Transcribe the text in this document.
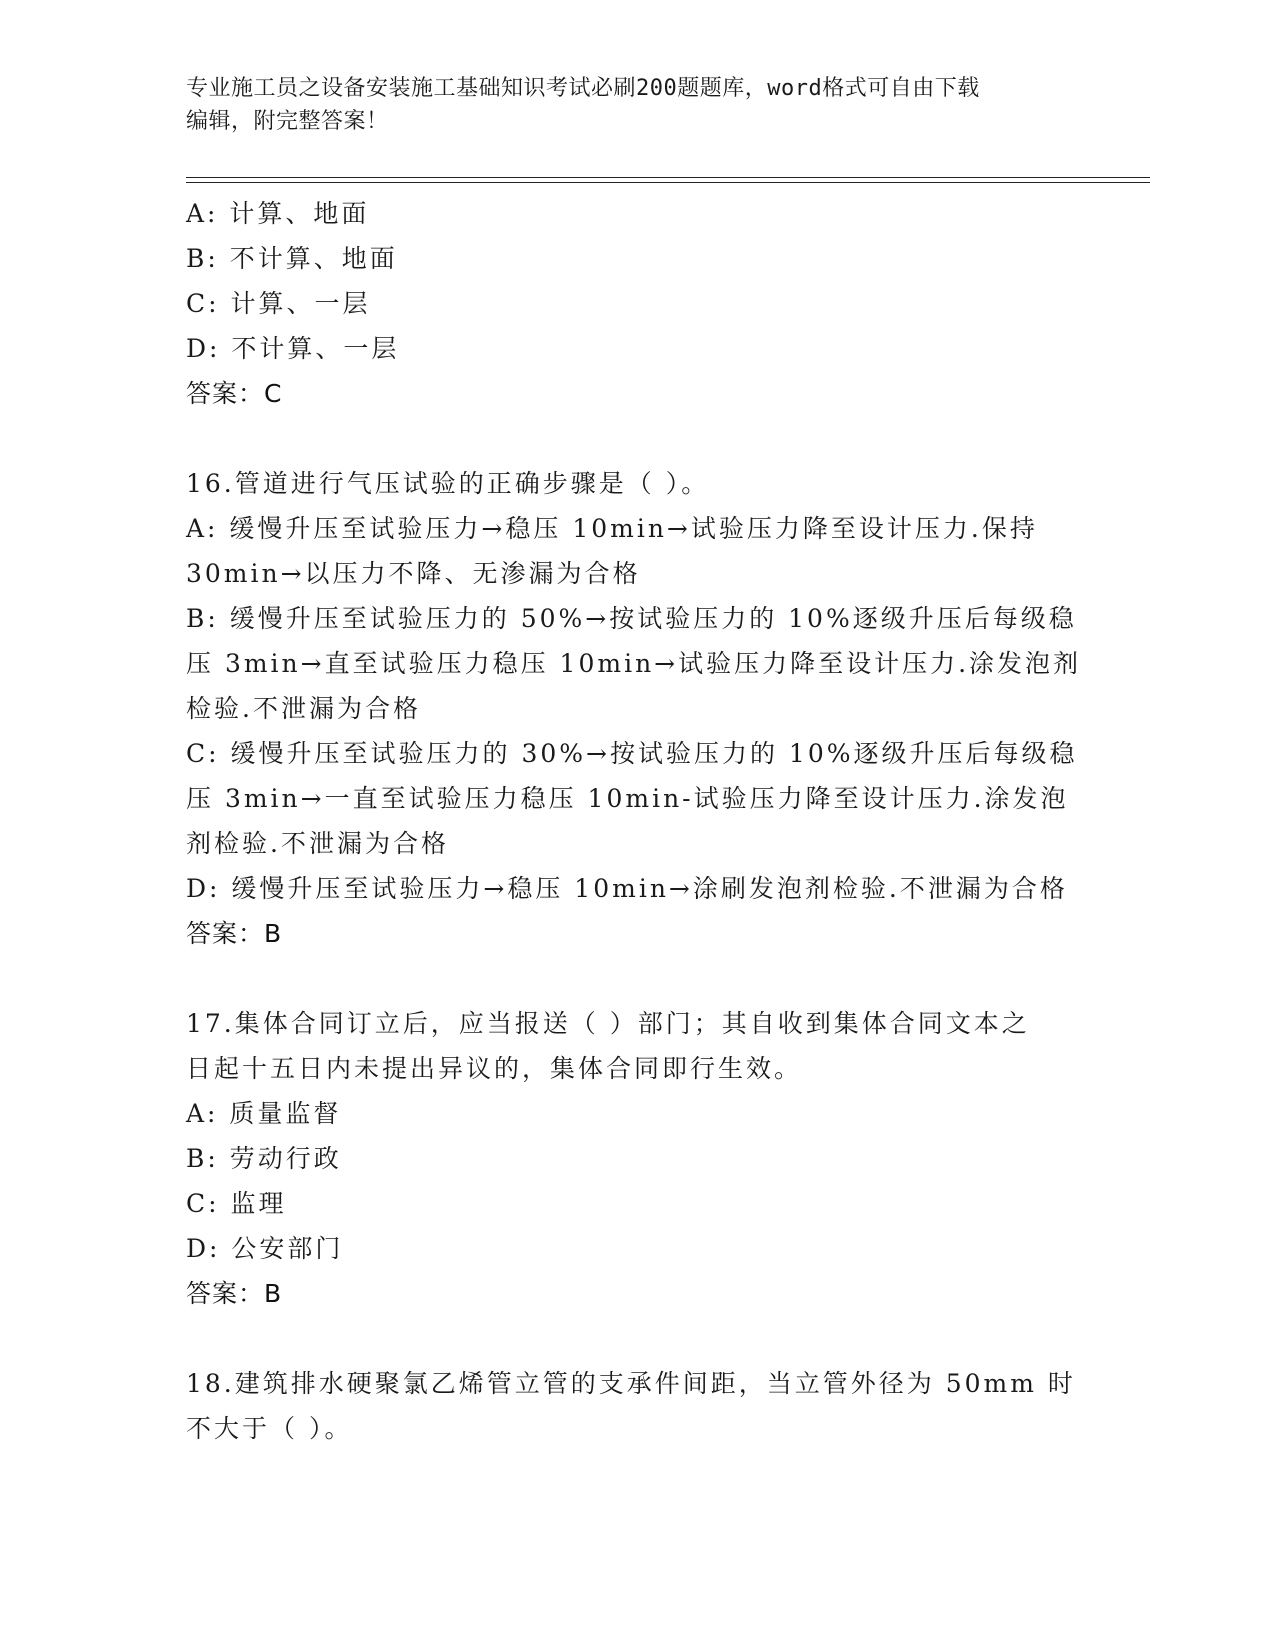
专业施工员之设备安装施工基础知识考试必刷200题题库，word格式可自由下载
编辑，附完整答案！
A: 计算、地面
B: 不计算、地面
C: 计算、一层
D: 不计算、一层
答案：C
16.管道进行气压试验的正确步骤是（ ）。
A: 缓慢升压至试验压力→稳压 10min→试验压力降至设计压力.保持
30min→以压力不降、无渗漏为合格
B: 缓慢升压至试验压力的 50%→按试验压力的 10%逐级升压后每级稳
压 3min→直至试验压力稳压 10min→试验压力降至设计压力.涂发泡剂
检验.不泄漏为合格
C: 缓慢升压至试验压力的 30%→按试验压力的 10%逐级升压后每级稳
压 3min→一直至试验压力稳压 10min-试验压力降至设计压力.涂发泡
剂检验.不泄漏为合格
D: 缓慢升压至试验压力→稳压 10min→涂刷发泡剂检验.不泄漏为合格
答案：B
17.集体合同订立后，应当报送（ ）部门；其自收到集体合同文本之
日起十五日内未提出异议的，集体合同即行生效。
A: 质量监督
B: 劳动行政
C: 监理
D: 公安部门
答案：B
18.建筑排水硬聚氯乙烯管立管的支承件间距，当立管外径为 50mm 时
不大于（ ）。
